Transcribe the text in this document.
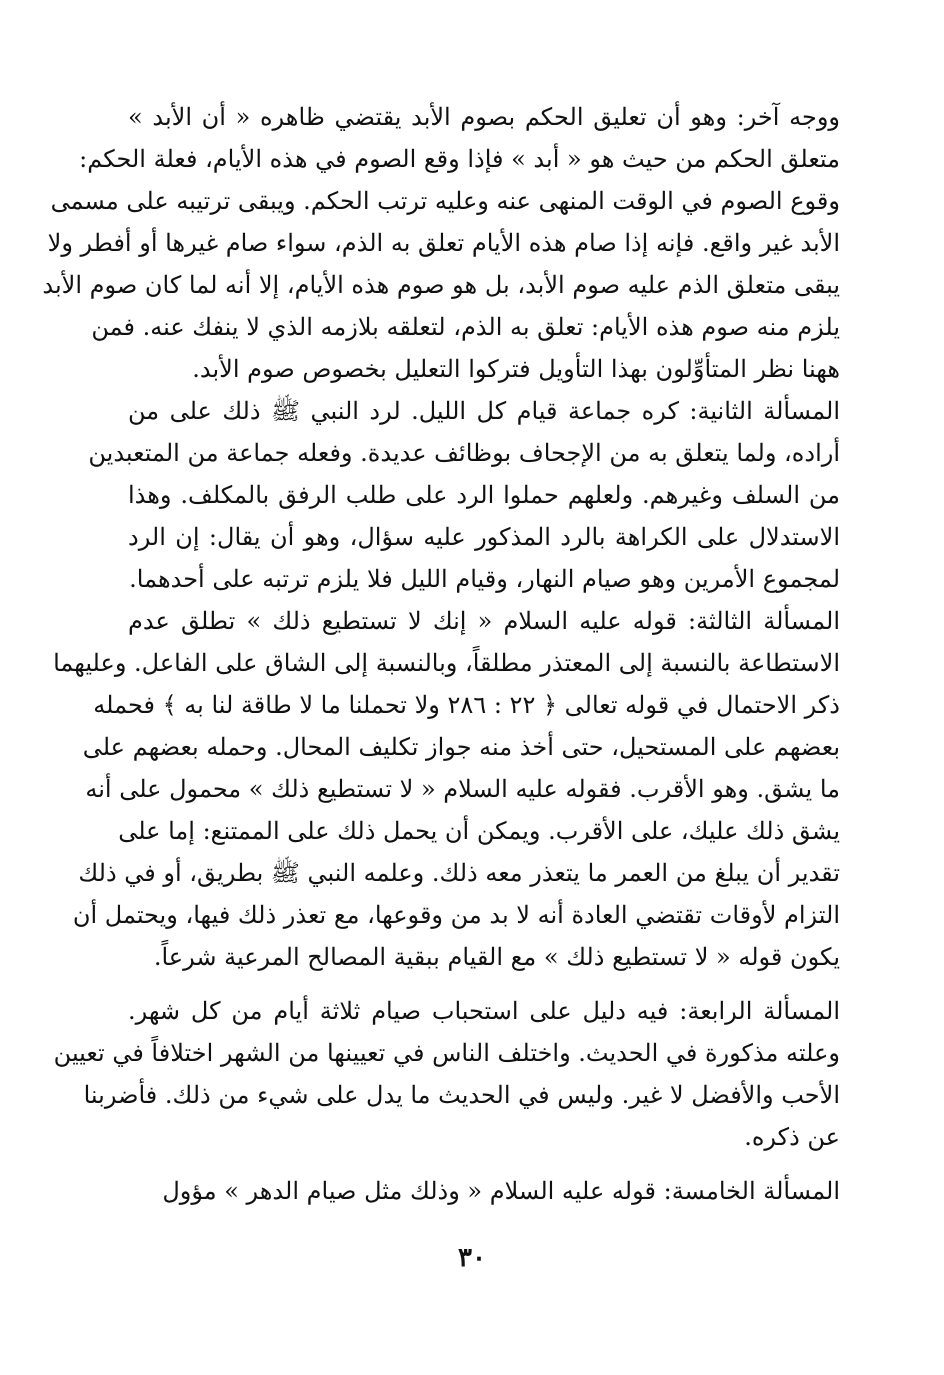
ووجه آخر: وهو أن تعليق الحكم بصوم الأبد يقتضي ظاهره « أن الأبد »
متعلق الحكم من حيث هو « أبد » فإذا وقع الصوم في هذه الأيام، فعلة الحكم:
وقوع الصوم في الوقت المنهى عنه وعليه ترتب الحكم. ويبقى ترتيبه على مسمى
الأبد غير واقع. فإنه إذا صام هذه الأيام تعلق به الذم، سواء صام غيرها أو أفطر ولا
يبقى متعلق الذم عليه صوم الأبد، بل هو صوم هذه الأيام، إلا أنه لما كان صوم الأبد
يلزم منه صوم هذه الأيام: تعلق به الذم، لتعلقه بلازمه الذي لا ينفك عنه. فمن
ههنا نظر المتأوِّلون بهذا التأويل فتركوا التعليل بخصوص صوم الأبد.
المسألة الثانية: كره جماعة قيام كل الليل. لرد النبي ﷺ ذلك على من
أراده، ولما يتعلق به من الإجحاف بوظائف عديدة. وفعله جماعة من المتعبدين
من السلف وغيرهم. ولعلهم حملوا الرد على طلب الرفق بالمكلف. وهذا
الاستدلال على الكراهة بالرد المذكور عليه سؤال، وهو أن يقال: إن الرد
لمجموع الأمرين وهو صيام النهار، وقيام الليل فلا يلزم ترتبه على أحدهما.
المسألة الثالثة: قوله عليه السلام « إنك لا تستطيع ذلك » تطلق عدم
الاستطاعة بالنسبة إلى المعتذر مطلقاً، وبالنسبة إلى الشاق على الفاعل. وعليهما
ذكر الاحتمال في قوله تعالى ﴿ ٢٢ : ٢٨٦ ولا تحملنا ما لا طاقة لنا به ﴾ فحمله
بعضهم على المستحيل، حتى أخذ منه جواز تكليف المحال. وحمله بعضهم على
ما يشق. وهو الأقرب. فقوله عليه السلام « لا تستطيع ذلك » محمول على أنه
يشق ذلك عليك، على الأقرب. ويمكن أن يحمل ذلك على الممتنع: إما على
تقدير أن يبلغ من العمر ما يتعذر معه ذلك. وعلمه النبي ﷺ بطريق، أو في ذلك
التزام لأوقات تقتضي العادة أنه لا بد من وقوعها، مع تعذر ذلك فيها، ويحتمل أن
يكون قوله « لا تستطيع ذلك » مع القيام ببقية المصالح المرعية شرعاً.
المسألة الرابعة: فيه دليل على استحباب صيام ثلاثة أيام من كل شهر.
وعلته مذكورة في الحديث. واختلف الناس في تعيينها من الشهر اختلافاً في تعيين
الأحب والأفضل لا غير. وليس في الحديث ما يدل على شيء من ذلك. فأضربنا
عن ذكره.
المسألة الخامسة: قوله عليه السلام « وذلك مثل صيام الدهر » مؤول
٣٠
